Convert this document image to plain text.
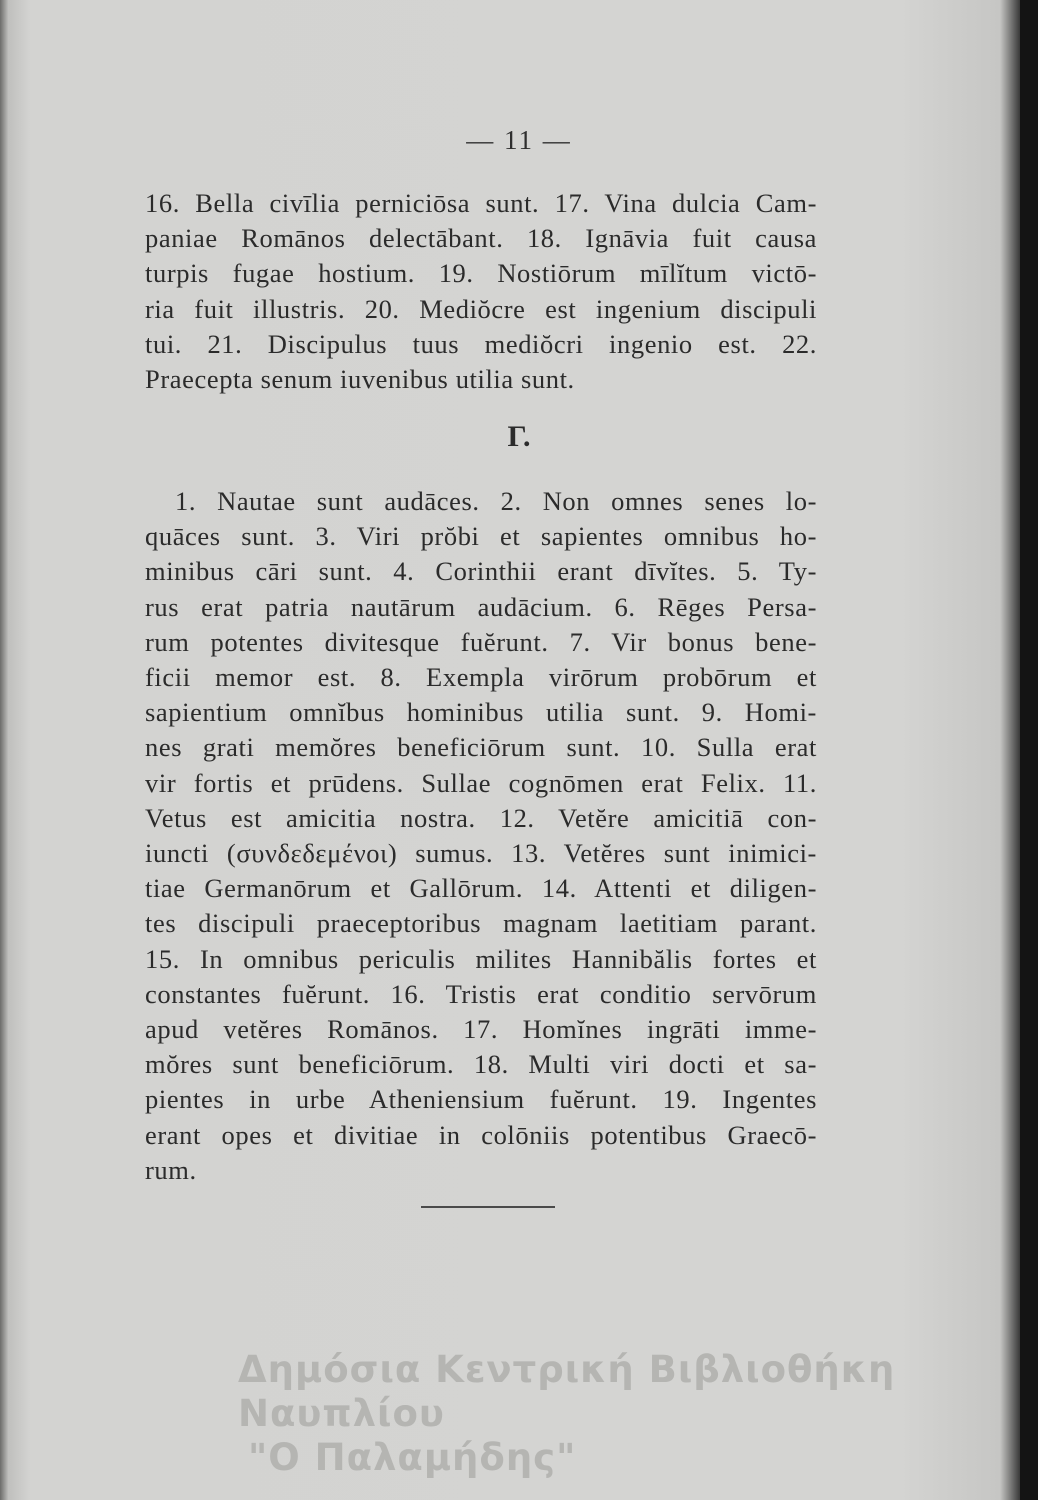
— 11 —
16. Bella civīlia perniciōsa sunt. 17. Vina dulcia Cam-
paniae Romānos delectābant. 18. Ignāvia fuit causa
turpis fugae hostium. 19. Nostiōrum mīlĭtum victō-
ria fuit illustris. 20. Mediŏcre est ingenium discipuli
tui. 21. Discipulus tuus mediŏcri ingenio est. 22.
Praecepta senum iuvenibus utilia sunt.
Γ.
1. Nautae sunt audāces. 2. Non omnes senes lo-
quāces sunt. 3. Viri prŏbi et sapientes omnibus ho-
minibus cāri sunt. 4. Corinthii erant dīvĭtes. 5. Ty-
rus erat patria nautārum audācium. 6. Rēges Persa-
rum potentes divitesque fuĕrunt. 7. Vir bonus bene-
ficii memor est. 8. Exempla virōrum probōrum et
sapientium omnĭbus hominibus utilia sunt. 9. Homi-
nes grati memŏres beneficiōrum sunt. 10. Sulla erat
vir fortis et prūdens. Sullae cognōmen erat Felix. 11.
Vetus est amicitia nostra. 12. Vetĕre amicitiā con-
iuncti (συνδεδεμένοι) sumus. 13. Vetĕres sunt inimici-
tiae Germanōrum et Gallōrum. 14. Attenti et diligen-
tes discipuli praeceptoribus magnam laetitiam parant.
15. In omnibus periculis milites Hannibălis fortes et
constantes fuĕrunt. 16. Tristis erat conditio servōrum
apud vetĕres Romānos. 17. Homĭnes ingrāti imme-
mŏres sunt beneficiōrum. 18. Multi viri docti et sa-
pientes in urbe Atheniensium fuĕrunt. 19. Ingentes
erant opes et divitiae in colōniis potentibus Graecō-
rum.
Δημόσια Κεντρική Βιβλιοθήκη Ναυπλίου
"Ο Παλαμήδης"
